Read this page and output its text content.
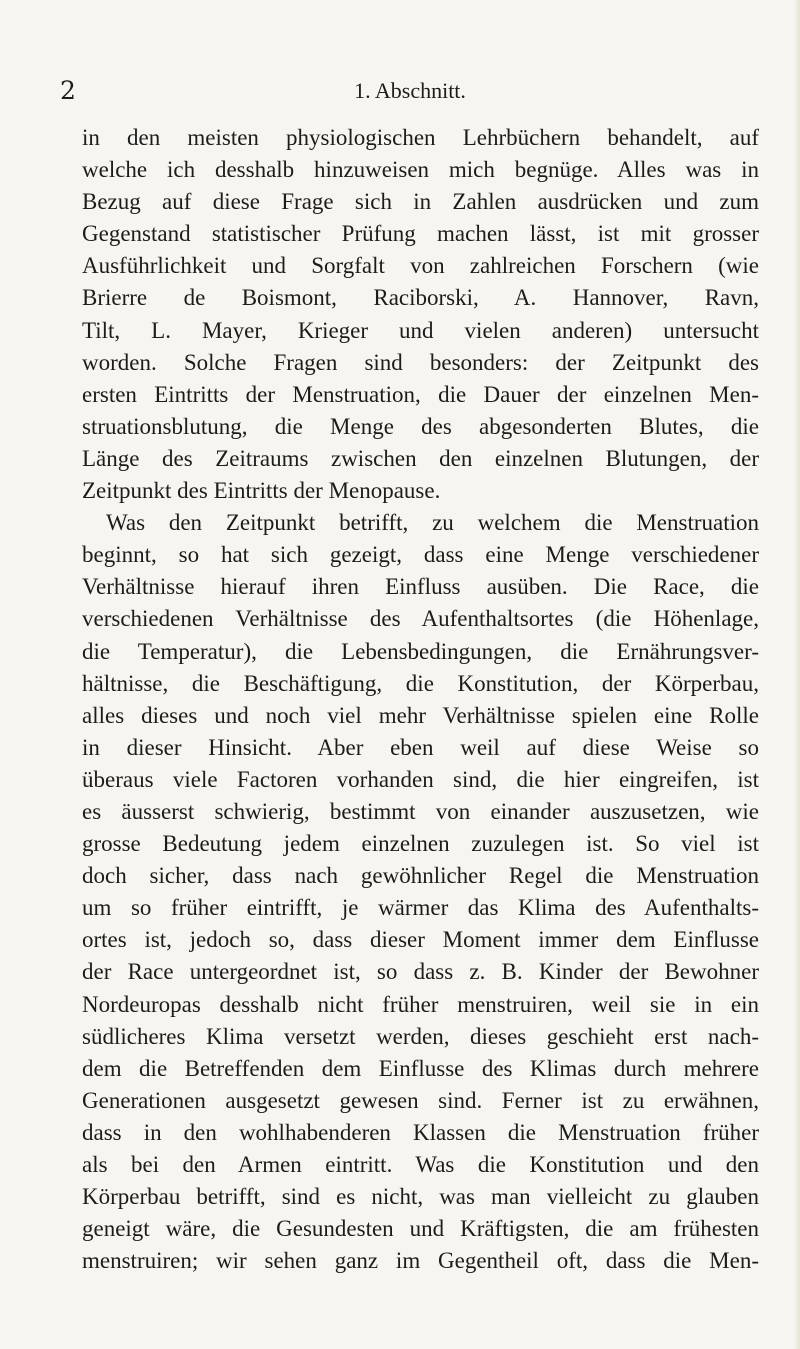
2	1. Abschnitt.
in den meisten physiologischen Lehrbüchern behandelt, auf
welche ich desshalb hinzuweisen mich begnüge. Alles was in
Bezug auf diese Frage sich in Zahlen ausdrücken und zum
Gegenstand statistischer Prüfung machen lässt, ist mit grosser
Ausführlichkeit und Sorgfalt von zahlreichen Forschern (wie
Brierre de Boismont, Raciborski, A. Hannover, Ravn,
Tilt, L. Mayer, Krieger und vielen anderen) untersucht
worden. Solche Fragen sind besonders: der Zeitpunkt des
ersten Eintritts der Menstruation, die Dauer der einzelnen Men-
struationsblutung, die Menge des abgesonderten Blutes, die
Länge des Zeitraums zwischen den einzelnen Blutungen, der
Zeitpunkt des Eintritts der Menopause.
Was den Zeitpunkt betrifft, zu welchem die Menstruation
beginnt, so hat sich gezeigt, dass eine Menge verschiedener
Verhältnisse hierauf ihren Einfluss ausüben. Die Race, die
verschiedenen Verhältnisse des Aufenthaltsortes (die Höhenlage,
die Temperatur), die Lebensbedingungen, die Ernährungsver-
hältnisse, die Beschäftigung, die Konstitution, der Körperbau,
alles dieses und noch viel mehr Verhältnisse spielen eine Rolle
in dieser Hinsicht. Aber eben weil auf diese Weise so
überaus viele Factoren vorhanden sind, die hier eingreifen, ist
es äusserst schwierig, bestimmt von einander auszusetzen, wie
grosse Bedeutung jedem einzelnen zuzulegen ist. So viel ist
doch sicher, dass nach gewöhnlicher Regel die Menstruation
um so früher eintrifft, je wärmer das Klima des Aufenthalts-
ortes ist, jedoch so, dass dieser Moment immer dem Einflusse
der Race untergeordnet ist, so dass z. B. Kinder der Bewohner
Nordeuropas desshalb nicht früher menstruiren, weil sie in ein
südlicheres Klima versetzt werden, dieses geschieht erst nach-
dem die Betreffenden dem Einflusse des Klimas durch mehrere
Generationen ausgesetzt gewesen sind. Ferner ist zu erwähnen,
dass in den wohlhabenderen Klassen die Menstruation früher
als bei den Armen eintritt. Was die Konstitution und den
Körperbau betrifft, sind es nicht, was man vielleicht zu glauben
geneigt wäre, die Gesundesten und Kräftigsten, die am frühesten
menstruiren; wir sehen ganz im Gegentheil oft, dass die Men-
